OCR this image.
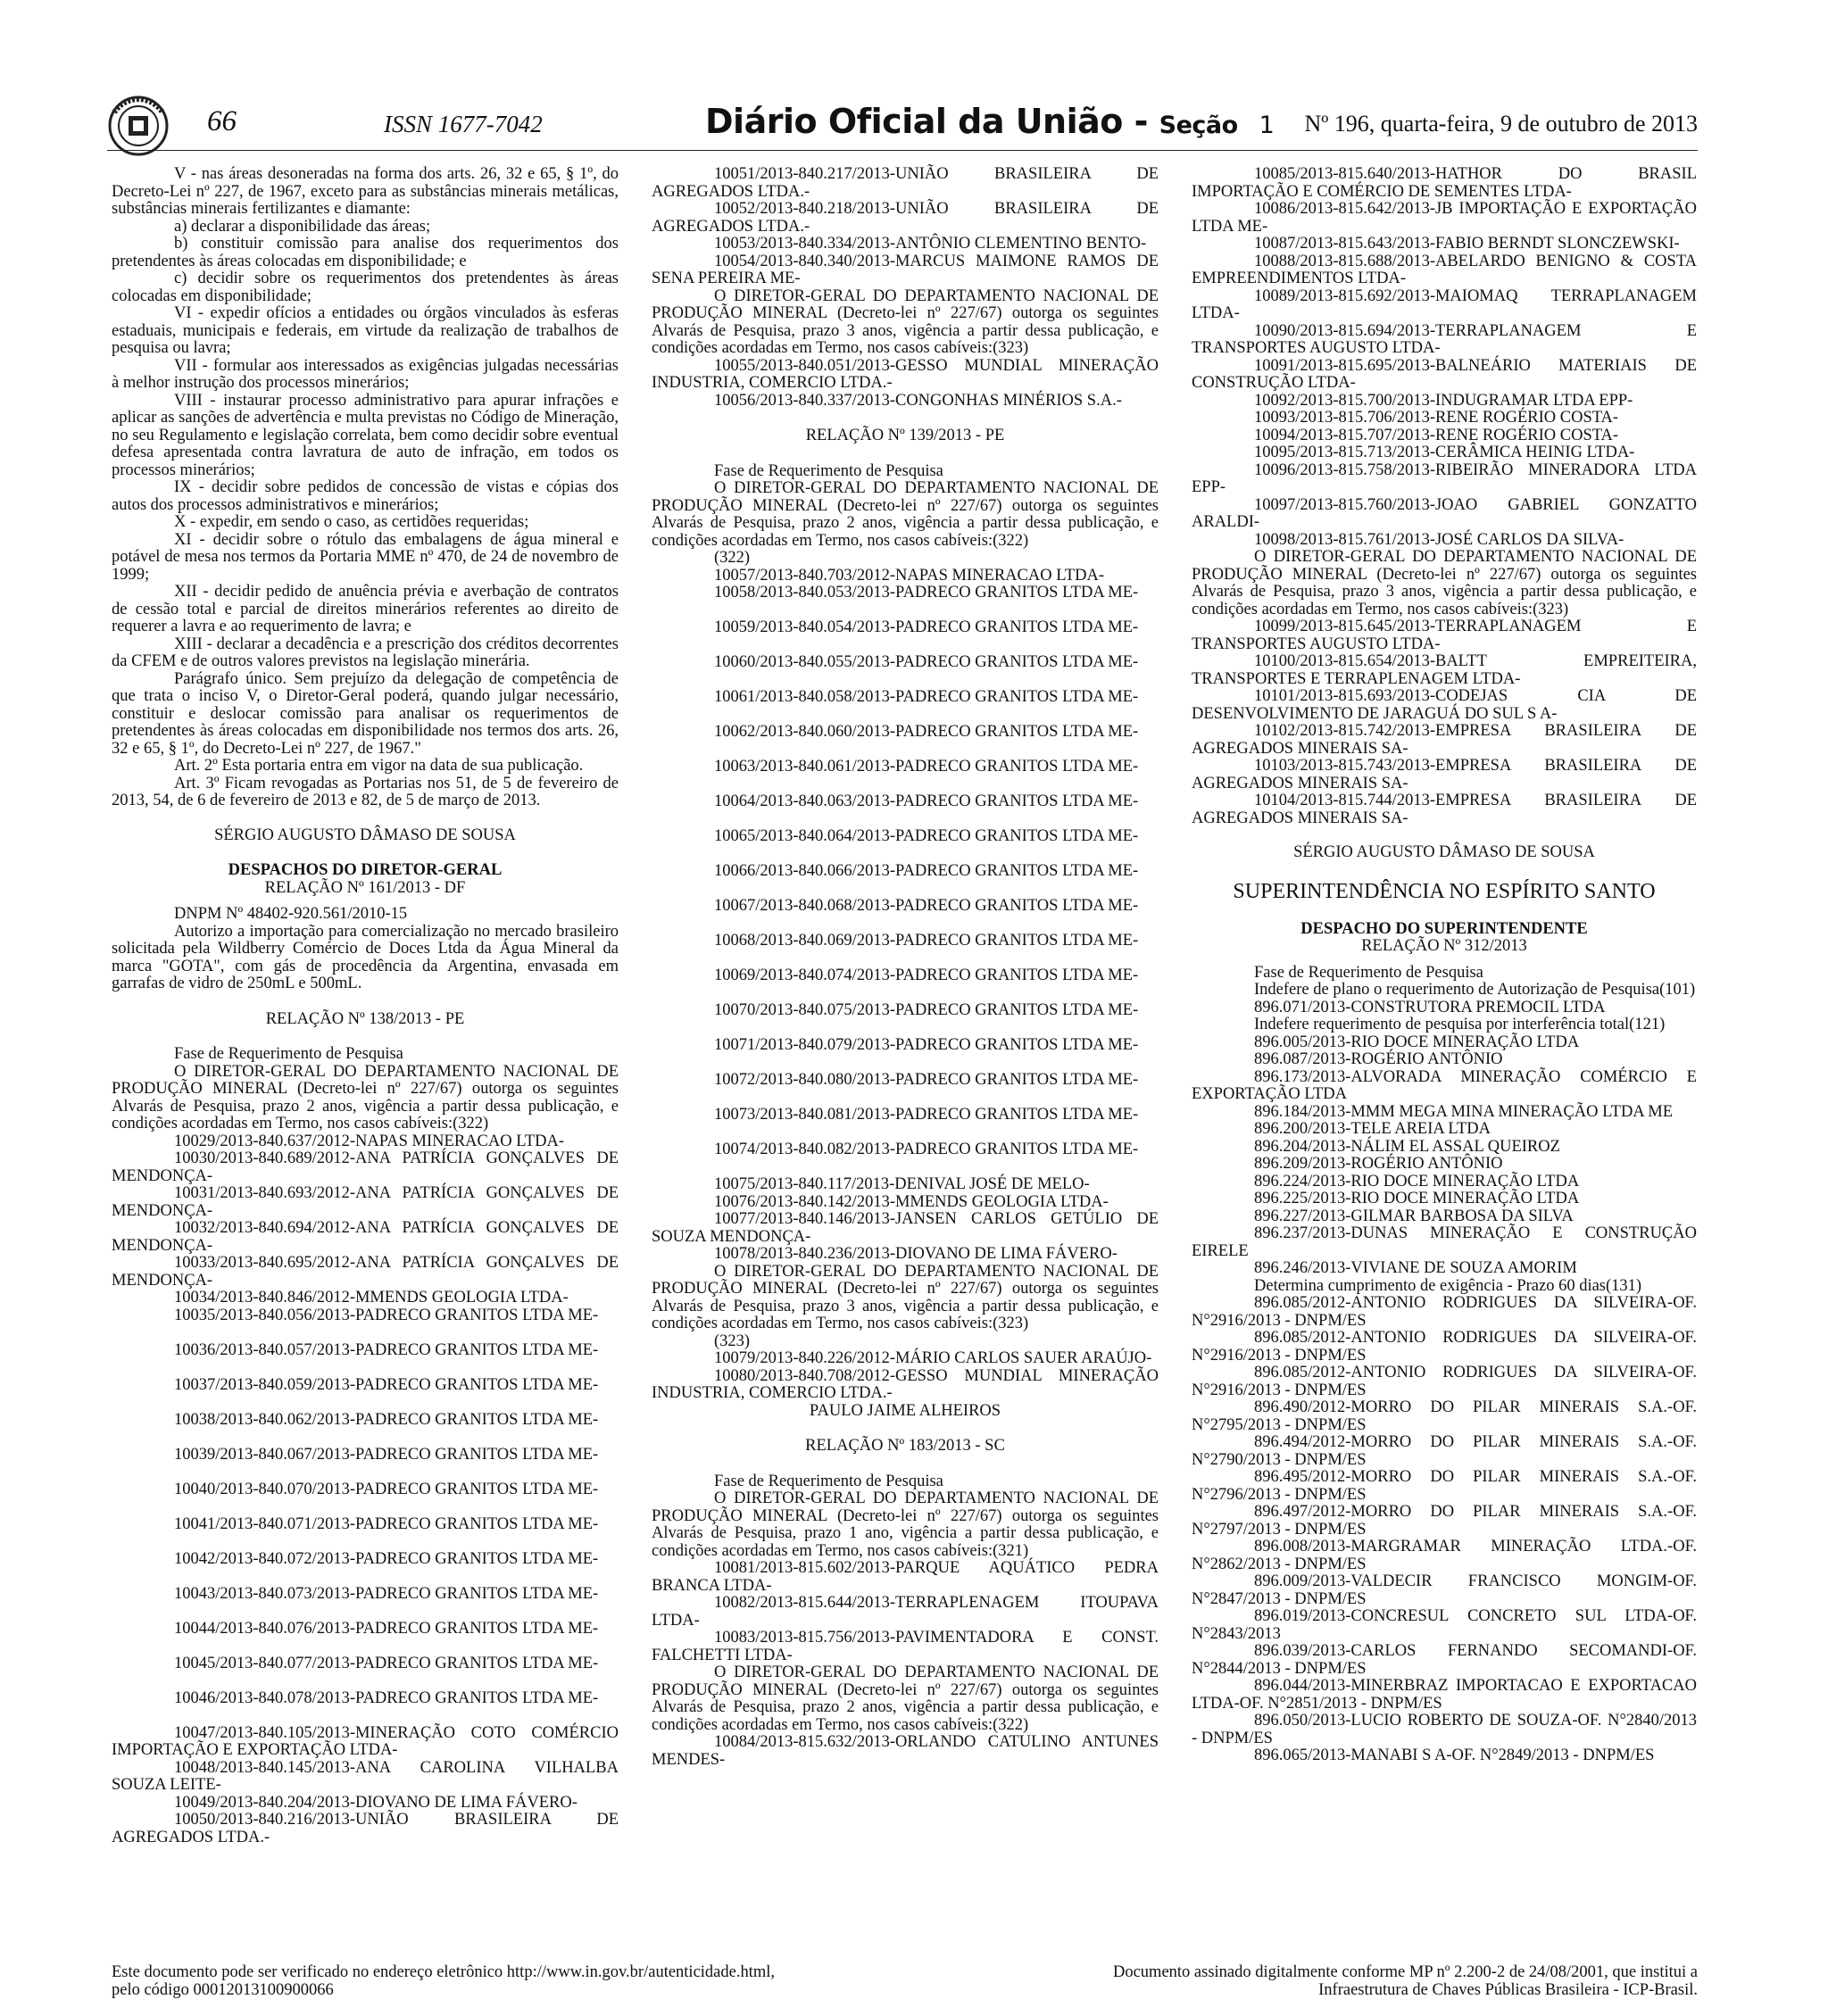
66	ISSN 1677-7042	Diário Oficial da União - Seção 1 Nº 196, quarta-feira, 9 de outubro de 2013

V - nas áreas desoneradas na forma dos arts. 26, 32 e 65, § 1º, do Decreto-Lei nº 227, de 1967, exceto para as substâncias minerais metálicas, substâncias minerais fertilizantes e diamante:

a) declarar a disponibilidade das áreas;

b) constituir comissão para analise dos requerimentos dos pretendentes às áreas colocadas em disponibilidade; e

c) decidir sobre os requerimentos dos pretendentes às áreas colocadas em disponibilidade;

VI - expedir ofícios a entidades ou órgãos vinculados às esferas estaduais, municipais e federais, em virtude da realização de trabalhos de pesquisa ou lavra;

VII - formular aos interessados as exigências julgadas necessárias à melhor instrução dos processos minerários;

VIII - instaurar processo administrativo para apurar infrações e aplicar as sanções de advertência e multa previstas no Código de Mineração, no seu Regulamento e legislação correlata, bem como decidir sobre eventual defesa apresentada contra lavratura de auto de infração, em todos os processos minerários;

IX - decidir sobre pedidos de concessão de vistas e cópias dos autos dos processos administrativos e minerários;

X - expedir, em sendo o caso, as certidões requeridas;

XI - decidir sobre o rótulo das embalagens de água mineral e potável de mesa nos termos da Portaria MME nº 470, de 24 de novembro de 1999;

XII - decidir pedido de anuência prévia e averbação de contratos de cessão total e parcial de direitos minerários referentes ao direito de requerer a lavra e ao requerimento de lavra; e

XIII - declarar a decadência e a prescrição dos créditos decorrentes da CFEM e de outros valores previstos na legislação minerária.

Parágrafo único. Sem prejuízo da delegação de competência de que trata o inciso V, o Diretor-Geral poderá, quando julgar necessário, constituir e deslocar comissão para analisar os requerimentos de pretendentes às áreas colocadas em disponibilidade nos termos dos arts. 26, 32 e 65, § 1º, do Decreto-Lei nº 227, de 1967."

Art. 2º Esta portaria entra em vigor na data de sua publicação.

Art. 3º Ficam revogadas as Portarias nos 51, de 5 de fevereiro de 2013, 54, de 6 de fevereiro de 2013 e 82, de 5 de março de 2013.

SÉRGIO AUGUSTO DÂMASO DE SOUSA

DESPACHOS DO DIRETOR-GERAL

RELAÇÃO Nº 161/2013 - DF

DNPM Nº 48402-920.561/2010-15

Autorizo a importação para comercialização no mercado brasileiro solicitada pela Wildberry Comércio de Doces Ltda da Água Mineral da marca "GOTA", com gás de procedência da Argentina, envasada em garrafas de vidro de 250mL e 500mL.

RELAÇÃO Nº 138/2013 - PE

Fase de Requerimento de Pesquisa

O DIRETOR-GERAL DO DEPARTAMENTO NACIONAL DE PRODUÇÃO MINERAL (Decreto-lei nº 227/67) outorga os seguintes Alvarás de Pesquisa, prazo 2 anos, vigência a partir dessa publicação, e condições acordadas em Termo, nos casos cabíveis:(322)

10029/2013-840.637/2012-NAPAS MINERACAO LTDA-

10030/2013-840.689/2012-ANA PATRÍCIA GONÇALVES DE MENDONÇA-

10031/2013-840.693/2012-ANA PATRÍCIA GONÇALVES DE MENDONÇA-

10032/2013-840.694/2012-ANA PATRÍCIA GONÇALVES DE MENDONÇA-

10033/2013-840.695/2012-ANA PATRÍCIA GONÇALVES DE MENDONÇA-

10034/2013-840.846/2012-MMENDS GEOLOGIA LTDA-

10035/2013-840.056/2013-PADRECO GRANITOS LTDA ME-

10036/2013-840.057/2013-PADRECO GRANITOS LTDA ME-

10037/2013-840.059/2013-PADRECO GRANITOS LTDA ME-

10038/2013-840.062/2013-PADRECO GRANITOS LTDA ME-

10039/2013-840.067/2013-PADRECO GRANITOS LTDA ME-

10040/2013-840.070/2013-PADRECO GRANITOS LTDA ME-

10041/2013-840.071/2013-PADRECO GRANITOS LTDA ME-

10042/2013-840.072/2013-PADRECO GRANITOS LTDA ME-

10043/2013-840.073/2013-PADRECO GRANITOS LTDA ME-

10044/2013-840.076/2013-PADRECO GRANITOS LTDA ME-

10045/2013-840.077/2013-PADRECO GRANITOS LTDA ME-

10046/2013-840.078/2013-PADRECO GRANITOS LTDA ME-

10047/2013-840.105/2013-MINERAÇÃO COTO COMÉRCIO IMPORTAÇÃO E EXPORTAÇÃO LTDA-

10048/2013-840.145/2013-ANA CAROLINA VILHALBA SOUZA LEITE-

10049/2013-840.204/2013-DIOVANO DE LIMA FÁVERO-

10050/2013-840.216/2013-UNIÃO BRASILEIRA DE AGREGADOS LTDA.-

10051/2013-840.217/2013-UNIÃO BRASILEIRA DE AGREGADOS LTDA.-

10052/2013-840.218/2013-UNIÃO BRASILEIRA DE AGREGADOS LTDA.-

10053/2013-840.334/2013-ANTÔNIO CLEMENTINO BENTO-

10054/2013-840.340/2013-MARCUS MAIMONE RAMOS DE SENA PEREIRA ME-

O DIRETOR-GERAL DO DEPARTAMENTO NACIONAL DE PRODUÇÃO MINERAL (Decreto-lei nº 227/67) outorga os seguintes Alvarás de Pesquisa, prazo 3 anos, vigência a partir dessa publicação, e condições acordadas em Termo, nos casos cabíveis:(323)

10055/2013-840.051/2013-GESSO MUNDIAL MINERAÇÃO INDUSTRIA, COMERCIO LTDA.-

10056/2013-840.337/2013-CONGONHAS MINÉRIOS S.A.-

RELAÇÃO Nº 139/2013 - PE

Fase de Requerimento de Pesquisa

O DIRETOR-GERAL DO DEPARTAMENTO NACIONAL DE PRODUÇÃO MINERAL (Decreto-lei nº 227/67) outorga os seguintes Alvarás de Pesquisa, prazo 2 anos, vigência a partir dessa publicação, e condições acordadas em Termo, nos casos cabíveis:(322)

(322)

10057/2013-840.703/2012-NAPAS MINERACAO LTDA-

10058/2013-840.053/2013-PADRECO GRANITOS LTDA ME-

10059/2013-840.054/2013-PADRECO GRANITOS LTDA ME-

10060/2013-840.055/2013-PADRECO GRANITOS LTDA ME-

10061/2013-840.058/2013-PADRECO GRANITOS LTDA ME-

10062/2013-840.060/2013-PADRECO GRANITOS LTDA ME-

10063/2013-840.061/2013-PADRECO GRANITOS LTDA ME-

10064/2013-840.063/2013-PADRECO GRANITOS LTDA ME-

10065/2013-840.064/2013-PADRECO GRANITOS LTDA ME-

10066/2013-840.066/2013-PADRECO GRANITOS LTDA ME-

10067/2013-840.068/2013-PADRECO GRANITOS LTDA ME-

10068/2013-840.069/2013-PADRECO GRANITOS LTDA ME-

10069/2013-840.074/2013-PADRECO GRANITOS LTDA ME-

10070/2013-840.075/2013-PADRECO GRANITOS LTDA ME-

10071/2013-840.079/2013-PADRECO GRANITOS LTDA ME-

10072/2013-840.080/2013-PADRECO GRANITOS LTDA ME-

10073/2013-840.081/2013-PADRECO GRANITOS LTDA ME-

10074/2013-840.082/2013-PADRECO GRANITOS LTDA ME-

10075/2013-840.117/2013-DENIVAL JOSÉ DE MELO-

10076/2013-840.142/2013-MMENDS GEOLOGIA LTDA-

10077/2013-840.146/2013-JANSEN CARLOS GETÚLIO DE SOUZA MENDONÇA-

10078/2013-840.236/2013-DIOVANO DE LIMA FÁVERO-

O DIRETOR-GERAL DO DEPARTAMENTO NACIONAL DE PRODUÇÃO MINERAL (Decreto-lei nº 227/67) outorga os seguintes Alvarás de Pesquisa, prazo 3 anos, vigência a partir dessa publicação, e condições acordadas em Termo, nos casos cabíveis:(323)

(323)

10079/2013-840.226/2012-MÁRIO CARLOS SAUER ARAÚJO-

10080/2013-840.708/2012-GESSO MUNDIAL MINERAÇÃO INDUSTRIA, COMERCIO LTDA.-

PAULO JAIME ALHEIROS

RELAÇÃO Nº 183/2013 - SC

Fase de Requerimento de Pesquisa

O DIRETOR-GERAL DO DEPARTAMENTO NACIONAL DE PRODUÇÃO MINERAL (Decreto-lei nº 227/67) outorga os seguintes Alvarás de Pesquisa, prazo 1 ano, vigência a partir dessa publicação, e condições acordadas em Termo, nos casos cabíveis:(321)

10081/2013-815.602/2013-PARQUE AQUÁTICO PEDRA BRANCA LTDA-

10082/2013-815.644/2013-TERRAPLENAGEM ITOUPAVA LTDA-

10083/2013-815.756/2013-PAVIMENTADORA E CONST. FALCHETTI LTDA-

O DIRETOR-GERAL DO DEPARTAMENTO NACIONAL DE PRODUÇÃO MINERAL (Decreto-lei nº 227/67) outorga os seguintes Alvarás de Pesquisa, prazo 2 anos, vigência a partir dessa publicação, e condições acordadas em Termo, nos casos cabíveis:(322)

10084/2013-815.632/2013-ORLANDO CATULINO ANTUNES MENDES-

10085/2013-815.640/2013-HATHOR DO BRASIL IMPORTAÇÃO E COMÉRCIO DE SEMENTES LTDA-

10086/2013-815.642/2013-JB IMPORTAÇÃO E EXPORTAÇÃO LTDA ME-

10087/2013-815.643/2013-FABIO BERNDT SLONCZEWSKI-

10088/2013-815.688/2013-ABELARDO BENIGNO & COSTA EMPREENDIMENTOS LTDA-

10089/2013-815.692/2013-MAIOMAQ TERRAPLANAGEM LTDA-

10090/2013-815.694/2013-TERRAPLANAGEM E TRANSPORTES AUGUSTO LTDA-

10091/2013-815.695/2013-BALNEÁRIO MATERIAIS DE CONSTRUÇÃO LTDA-

10092/2013-815.700/2013-INDUGRAMAR LTDA EPP-

10093/2013-815.706/2013-RENE ROGÉRIO COSTA-

10094/2013-815.707/2013-RENE ROGÉRIO COSTA-

10095/2013-815.713/2013-CERÂMICA HEINIG LTDA-

10096/2013-815.758/2013-RIBEIRÃO MINERADORA LTDA EPP-

10097/2013-815.760/2013-JOAO GABRIEL GONZATTO ARALDI-

10098/2013-815.761/2013-JOSÉ CARLOS DA SILVA-

O DIRETOR-GERAL DO DEPARTAMENTO NACIONAL DE PRODUÇÃO MINERAL (Decreto-lei nº 227/67) outorga os seguintes Alvarás de Pesquisa, prazo 3 anos, vigência a partir dessa publicação, e condições acordadas em Termo, nos casos cabíveis:(323)

10099/2013-815.645/2013-TERRAPLANAGEM E TRANSPORTES AUGUSTO LTDA-

10100/2013-815.654/2013-BALTT EMPREITEIRA, TRANSPORTES E TERRAPLENAGEM LTDA-

10101/2013-815.693/2013-CODEJAS CIA DE DESENVOLVIMENTO DE JARAGUÁ DO SUL S A-

10102/2013-815.742/2013-EMPRESA BRASILEIRA DE AGREGADOS MINERAIS SA-

10103/2013-815.743/2013-EMPRESA BRASILEIRA DE AGREGADOS MINERAIS SA-

10104/2013-815.744/2013-EMPRESA BRASILEIRA DE AGREGADOS MINERAIS SA-

SÉRGIO AUGUSTO DÂMASO DE SOUSA

SUPERINTENDÊNCIA NO ESPÍRITO SANTO

DESPACHO DO SUPERINTENDENTE

RELAÇÃO Nº 312/2013

Fase de Requerimento de Pesquisa

Indefere de plano o requerimento de Autorização de Pesquisa(101)

896.071/2013-CONSTRUTORA PREMOCIL LTDA

Indefere requerimento de pesquisa por interferência total(121)

896.005/2013-RIO DOCE MINERAÇÃO LTDA

896.087/2013-ROGÉRIO ANTÔNIO

896.173/2013-ALVORADA MINERAÇÃO COMÉRCIO E EXPORTAÇÃO LTDA

896.184/2013-MMM MEGA MINA MINERAÇÃO LTDA ME

896.200/2013-TELE AREIA LTDA

896.204/2013-NÁLIM EL ASSAL QUEIROZ

896.209/2013-ROGÉRIO ANTÔNIO

896.224/2013-RIO DOCE MINERAÇÃO LTDA

896.225/2013-RIO DOCE MINERAÇÃO LTDA

896.227/2013-GILMAR BARBOSA DA SILVA

896.237/2013-DUNAS MINERAÇÃO E CONSTRUÇÃO EIRELE

896.246/2013-VIVIANE DE SOUZA AMORIM

Determina cumprimento de exigência - Prazo 60 dias(131)

896.085/2012-ANTONIO RODRIGUES DA SILVEIRA-OF. N°2916/2013 - DNPM/ES

896.085/2012-ANTONIO RODRIGUES DA SILVEIRA-OF. N°2916/2013 - DNPM/ES

896.085/2012-ANTONIO RODRIGUES DA SILVEIRA-OF. N°2916/2013 - DNPM/ES

896.490/2012-MORRO DO PILAR MINERAIS S.A.-OF. N°2795/2013 - DNPM/ES

896.494/2012-MORRO DO PILAR MINERAIS S.A.-OF. N°2790/2013 - DNPM/ES

896.495/2012-MORRO DO PILAR MINERAIS S.A.-OF. N°2796/2013 - DNPM/ES

896.497/2012-MORRO DO PILAR MINERAIS S.A.-OF. N°2797/2013 - DNPM/ES

896.008/2013-MARGRAMAR MINERAÇÃO LTDA.-OF. N°2862/2013 - DNPM/ES

896.009/2013-VALDECIR FRANCISCO MONGIM-OF. N°2847/2013 - DNPM/ES

896.019/2013-CONCRESUL CONCRETO SUL LTDA-OF. N°2843/2013

896.039/2013-CARLOS FERNANDO SECOMANDI-OF. N°2844/2013 - DNPM/ES

896.044/2013-MINERBRAZ IMPORTACAO E EXPORTACAO LTDA-OF. N°2851/2013 - DNPM/ES

896.050/2013-LUCIO ROBERTO DE SOUZA-OF. N°2840/2013 - DNPM/ES

896.065/2013-MANABI S A-OF. N°2849/2013 - DNPM/ES

Este documento pode ser verificado no endereço eletrônico http://www.in.gov.br/autenticidade.html,
pelo código 00012013100900066
Documento assinado digitalmente conforme MP nº 2.200-2 de 24/08/2001, que institui a
Infraestrutura de Chaves Públicas Brasileira - ICP-Brasil.
